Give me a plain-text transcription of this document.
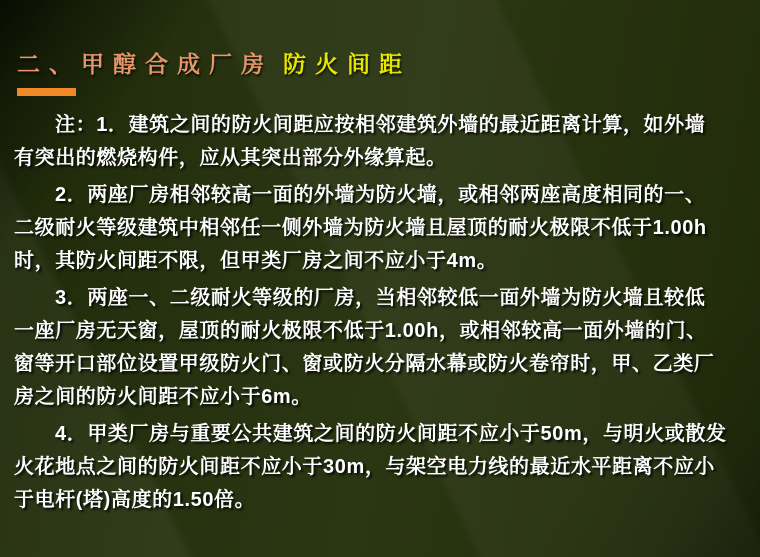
二、甲醇合成厂房 防火间距

注：1．建筑之间的防火间距应按相邻建筑外墙的最近距离计算，如外墙
有突出的燃烧构件，应从其突出部分外缘算起。

2．两座厂房相邻较高一面的外墙为防火墙，或相邻两座高度相同的一、
二级耐火等级建筑中相邻任一侧外墙为防火墙且屋顶的耐火极限不低于1.00h
时，其防火间距不限，但甲类厂房之间不应小于4m。

3．两座一、二级耐火等级的厂房，当相邻较低一面外墙为防火墙且较低
一座厂房无天窗，屋顶的耐火极限不低于1.00h，或相邻较高一面外墙的门、
窗等开口部位设置甲级防火门、窗或防火分隔水幕或防火卷帘时，甲、乙类厂
房之间的防火间距不应小于6m。

4．甲类厂房与重要公共建筑之间的防火间距不应小于50m，与明火或散发
火花地点之间的防火间距不应小于30m，与架空电力线的最近水平距离不应小
于电杆(塔)高度的1.50倍。
